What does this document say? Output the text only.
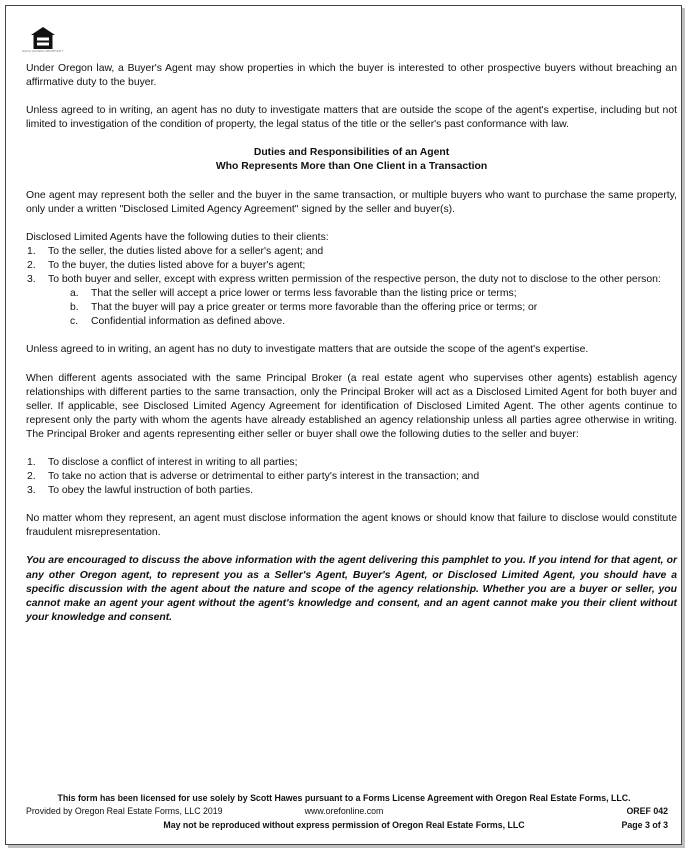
EQUAL HOUSING OPPORTUNITY
Under Oregon law, a Buyer's Agent may show properties in which the buyer is interested to other prospective buyers without breaching an affirmative duty to the buyer.
Unless agreed to in writing, an agent has no duty to investigate matters that are outside the scope of the agent's expertise, including but not limited to investigation of the condition of property, the legal status of the title or the seller's past conformance with law.
Duties and Responsibilities of an Agent
Who Represents More than One Client in a Transaction
One agent may represent both the seller and the buyer in the same transaction, or multiple buyers who want to purchase the same property, only under a written "Disclosed Limited Agency Agreement" signed by the seller and buyer(s).
Disclosed Limited Agents have the following duties to their clients:
1.	To the seller, the duties listed above for a seller's agent; and
2.	To the buyer, the duties listed above for a buyer's agent;
3.	To both buyer and seller, except with express written permission of the respective person, the duty not to disclose to the other person:
a.	That the seller will accept a price lower or terms less favorable than the listing price or terms;
b.	That the buyer will pay a price greater or terms more favorable than the offering price or terms; or
c.	Confidential information as defined above.
Unless agreed to in writing, an agent has no duty to investigate matters that are outside the scope of the agent's expertise.
When different agents associated with the same Principal Broker (a real estate agent who supervises other agents) establish agency relationships with different parties to the same transaction, only the Principal Broker will act as a Disclosed Limited Agent for both buyer and seller. If applicable, see Disclosed Limited Agency Agreement for identification of Disclosed Limited Agent. The other agents continue to represent only the party with whom the agents have already established an agency relationship unless all parties agree otherwise in writing. The Principal Broker and agents representing either seller or buyer shall owe the following duties to the seller and buyer:
1.	To disclose a conflict of interest in writing to all parties;
2.	To take no action that is adverse or detrimental to either party's interest in the transaction; and
3.	To obey the lawful instruction of both parties.
No matter whom they represent, an agent must disclose information the agent knows or should know that failure to disclose would constitute fraudulent misrepresentation.
You are encouraged to discuss the above information with the agent delivering this pamphlet to you. If you intend for that agent, or any other Oregon agent, to represent you as a Seller's Agent, Buyer's Agent, or Disclosed Limited Agent, you should have a specific discussion with the agent about the nature and scope of the agency relationship. Whether you are a buyer or seller, you cannot make an agent your agent without the agent's knowledge and consent, and an agent cannot make you their client without your knowledge and consent.
This form has been licensed for use solely by Scott Hawes pursuant to a Forms License Agreement with Oregon Real Estate Forms, LLC.
www.orefonline.com
Provided by Oregon Real Estate Forms, LLC 2019	OREF 042
May not be reproduced without express permission of Oregon Real Estate Forms, LLC	Page 3 of 3
